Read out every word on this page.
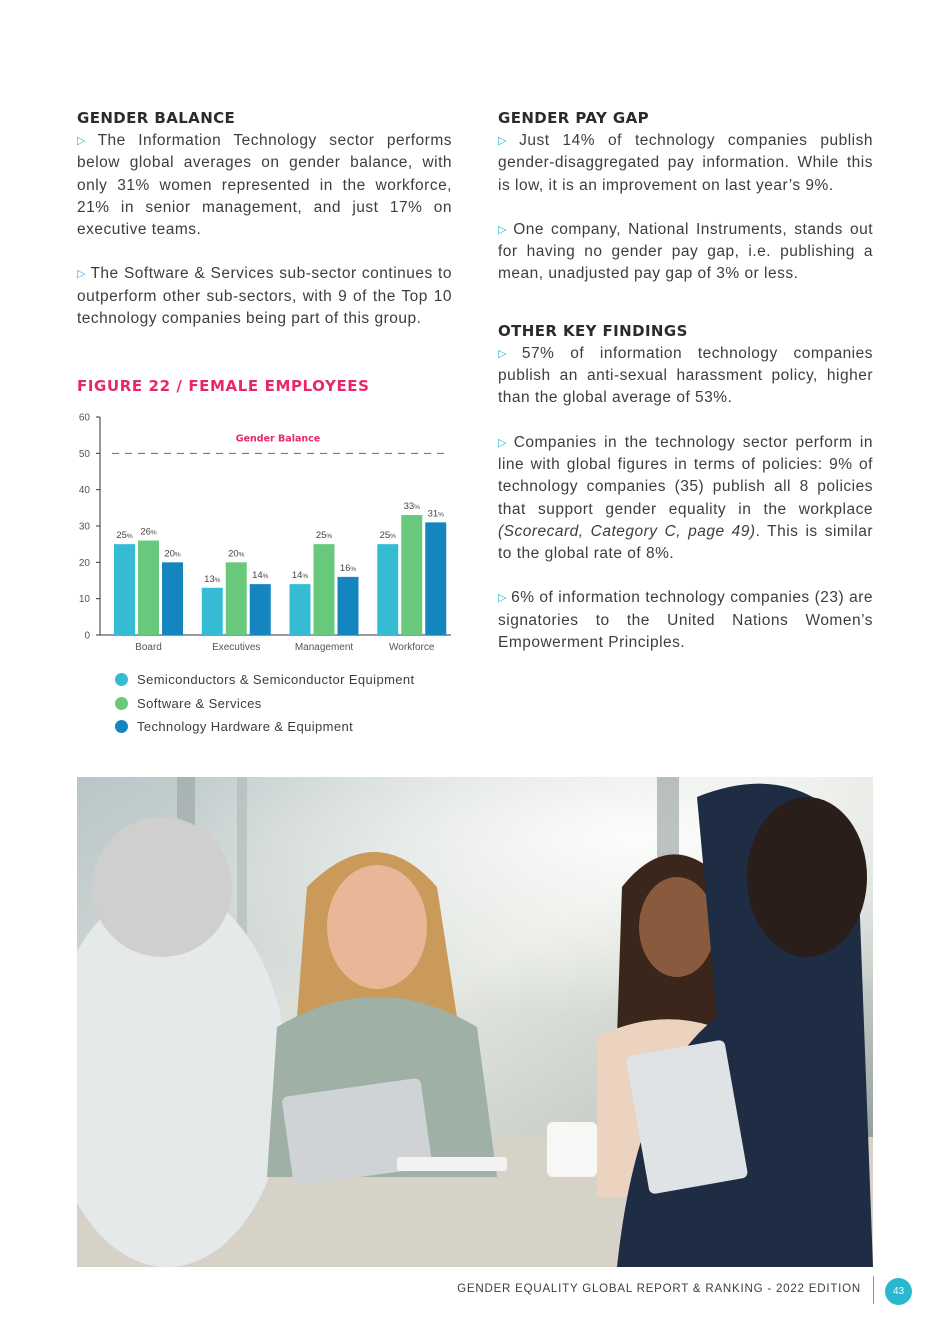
GENDER BALANCE

▷ The Information Technology sector performs below global averages on gender balance, with only 31% women represented in the workforce, 21% in senior management, and just 17% on executive teams.

▷ The Software & Services sub-sector continues to outperform other sub-sectors, with 9 of the Top 10 technology companies being part of this group.

GENDER PAY GAP

▷ Just 14% of technology companies publish gender-disaggregated pay information. While this is low, it is an improvement on last year’s 9%.

▷ One company, National Instruments, stands out for having no gender pay gap, i.e. publishing a mean, unadjusted pay gap of 3% or less.

OTHER KEY FINDINGS

▷ 57% of information technology companies publish an anti-sexual harassment policy, higher than the global average of 53%.

▷ Companies in the technology sector perform in line with global figures in terms of policies: 9% of technology companies (35) publish all 8 policies that support gender equality in the workplace (Scorecard, Category C, page 49). This is similar to the global rate of 8%.

▷ 6% of information technology companies (23) are signatories to the United Nations Women’s Empowerment Principles.

FIGURE 22 / FEMALE EMPLOYEES
0
10
20
30
40
50
60
Gender Balance
25% 26%
20%
Board
13%
20%
14%
Executives
14%
25%
16%
Management
25%
33%
31%
Workforce
Semiconductors & Semiconductor Equipment
Software & Services
Technology Hardware & Equipment
GENDER EQUALITY GLOBAL REPORT & RANKING - 2022 EDITION	43
